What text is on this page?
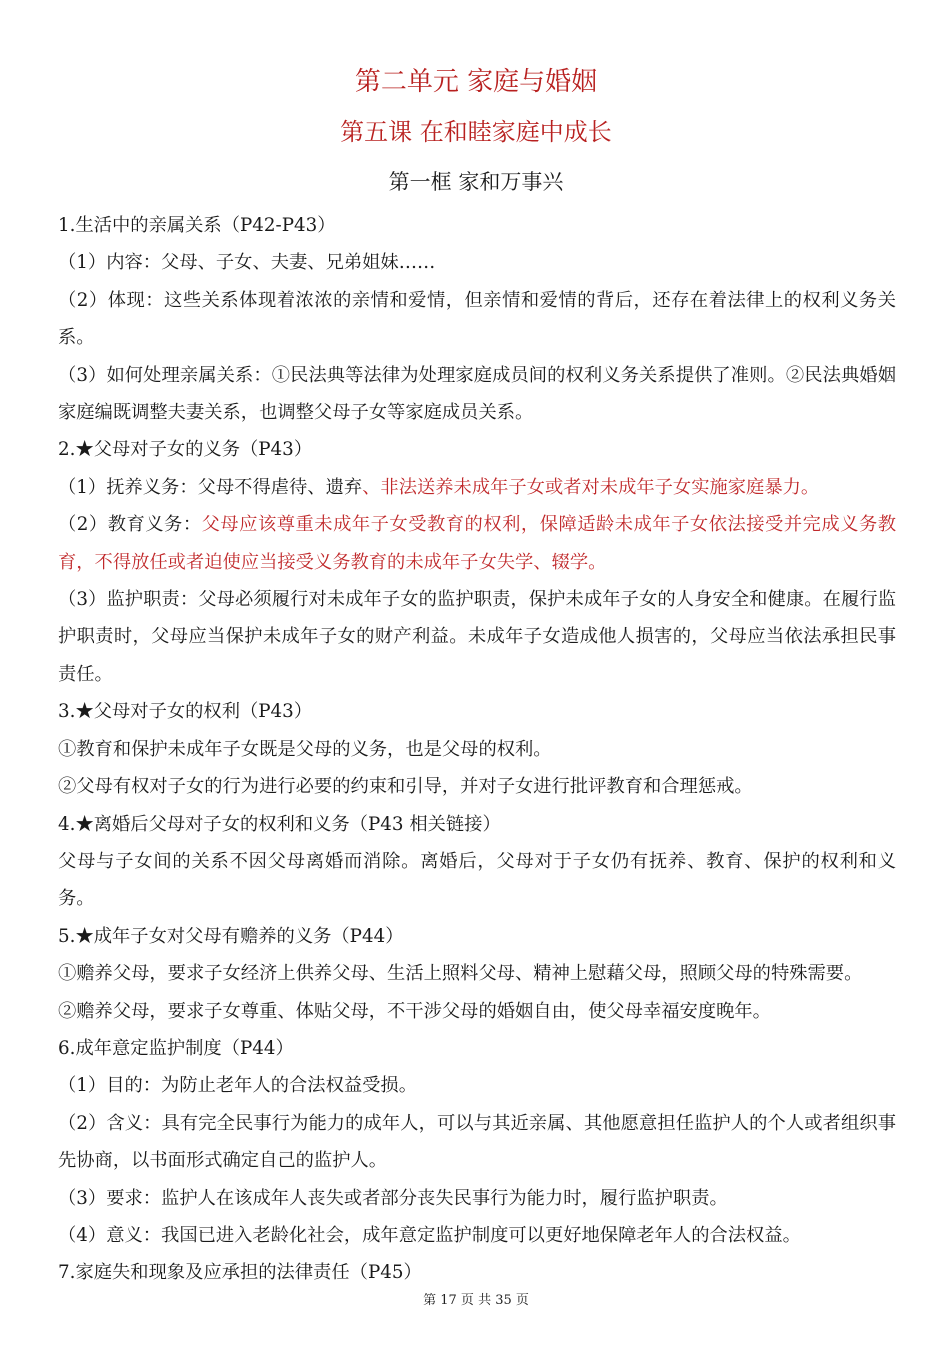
第二单元 家庭与婚姻
第五课 在和睦家庭中成长
第一框 家和万事兴
1.生活中的亲属关系（P42-P43）
（1）内容：父母、子女、夫妻、兄弟姐妹……
（2）体现：这些关系体现着浓浓的亲情和爱情，但亲情和爱情的背后，还存在着法律上的权利义务关系。
（3）如何处理亲属关系：①民法典等法律为处理家庭成员间的权利义务关系提供了准则。②民法典婚姻家庭编既调整夫妻关系，也调整父母子女等家庭成员关系。
2.★父母对子女的义务（P43）
（1）抚养义务：父母不得虐待、遗弃、非法送养未成年子女或者对未成年子女实施家庭暴力。
（2）教育义务：父母应该尊重未成年子女受教育的权利，保障适龄未成年子女依法接受并完成义务教育，不得放任或者迫使应当接受义务教育的未成年子女失学、辍学。
（3）监护职责：父母必须履行对未成年子女的监护职责，保护未成年子女的人身安全和健康。在履行监护职责时，父母应当保护未成年子女的财产利益。未成年子女造成他人损害的，父母应当依法承担民事责任。
3.★父母对子女的权利（P43）
①教育和保护未成年子女既是父母的义务，也是父母的权利。
②父母有权对子女的行为进行必要的约束和引导，并对子女进行批评教育和合理惩戒。
4.★离婚后父母对子女的权利和义务（P43 相关链接）
父母与子女间的关系不因父母离婚而消除。离婚后，父母对于子女仍有抚养、教育、保护的权利和义务。
5.★成年子女对父母有赡养的义务（P44）
①赡养父母，要求子女经济上供养父母、生活上照料父母、精神上慰藉父母，照顾父母的特殊需要。
②赡养父母，要求子女尊重、体贴父母，不干涉父母的婚姻自由，使父母幸福安度晚年。
6.成年意定监护制度（P44）
（1）目的：为防止老年人的合法权益受损。
（2）含义：具有完全民事行为能力的成年人，可以与其近亲属、其他愿意担任监护人的个人或者组织事先协商，以书面形式确定自己的监护人。
（3）要求：监护人在该成年人丧失或者部分丧失民事行为能力时，履行监护职责。
（4）意义：我国已进入老龄化社会，成年意定监护制度可以更好地保障老年人的合法权益。
7.家庭失和现象及应承担的法律责任（P45）
第 17 页 共 35 页
